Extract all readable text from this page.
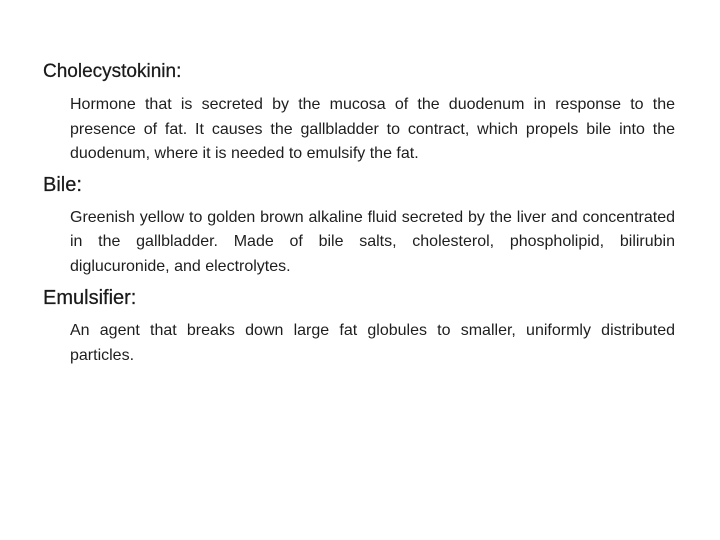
Cholecystokinin:

Hormone that is secreted by the mucosa of the duodenum in response to the presence of fat. It causes the gallbladder to contract, which propels bile into the duodenum, where it is needed to emulsify the fat.

Bile:

Greenish yellow to golden brown alkaline fluid secreted by the liver and concentrated in the gallbladder. Made of bile salts, cholesterol, phospholipid, bilirubin diglucuronide, and electrolytes.

Emulsifier:

An agent that breaks down large fat globules to smaller, uniformly distributed particles.
